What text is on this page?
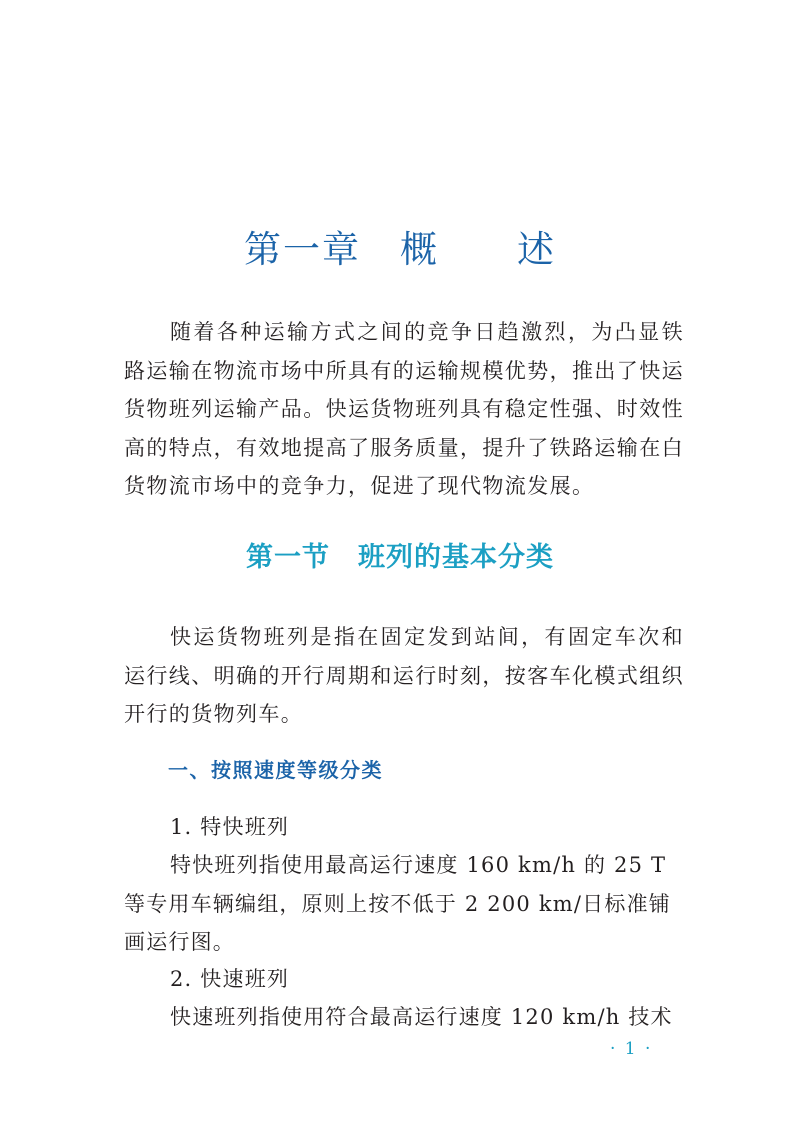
第一章　概　　述

随着各种运输方式之间的竞争日趋激烈，为凸显铁路运输在物流市场中所具有的运输规模优势，推出了快运货物班列运输产品。快运货物班列具有稳定性强、时效性高的特点，有效地提高了服务质量，提升了铁路运输在白货物流市场中的竞争力，促进了现代物流发展。

第一节　班列的基本分类

快运货物班列是指在固定发到站间，有固定车次和运行线、明确的开行周期和运行时刻，按客车化模式组织开行的货物列车。

一、按照速度等级分类

1. 特快班列

特快班列指使用最高运行速度 160 km/h 的 25 T 等专用车辆编组，原则上按不低于 2 200 km/日标准铺画运行图。

2. 快速班列

快速班列指使用符合最高运行速度 120 km/h 技术

· 1 ·
